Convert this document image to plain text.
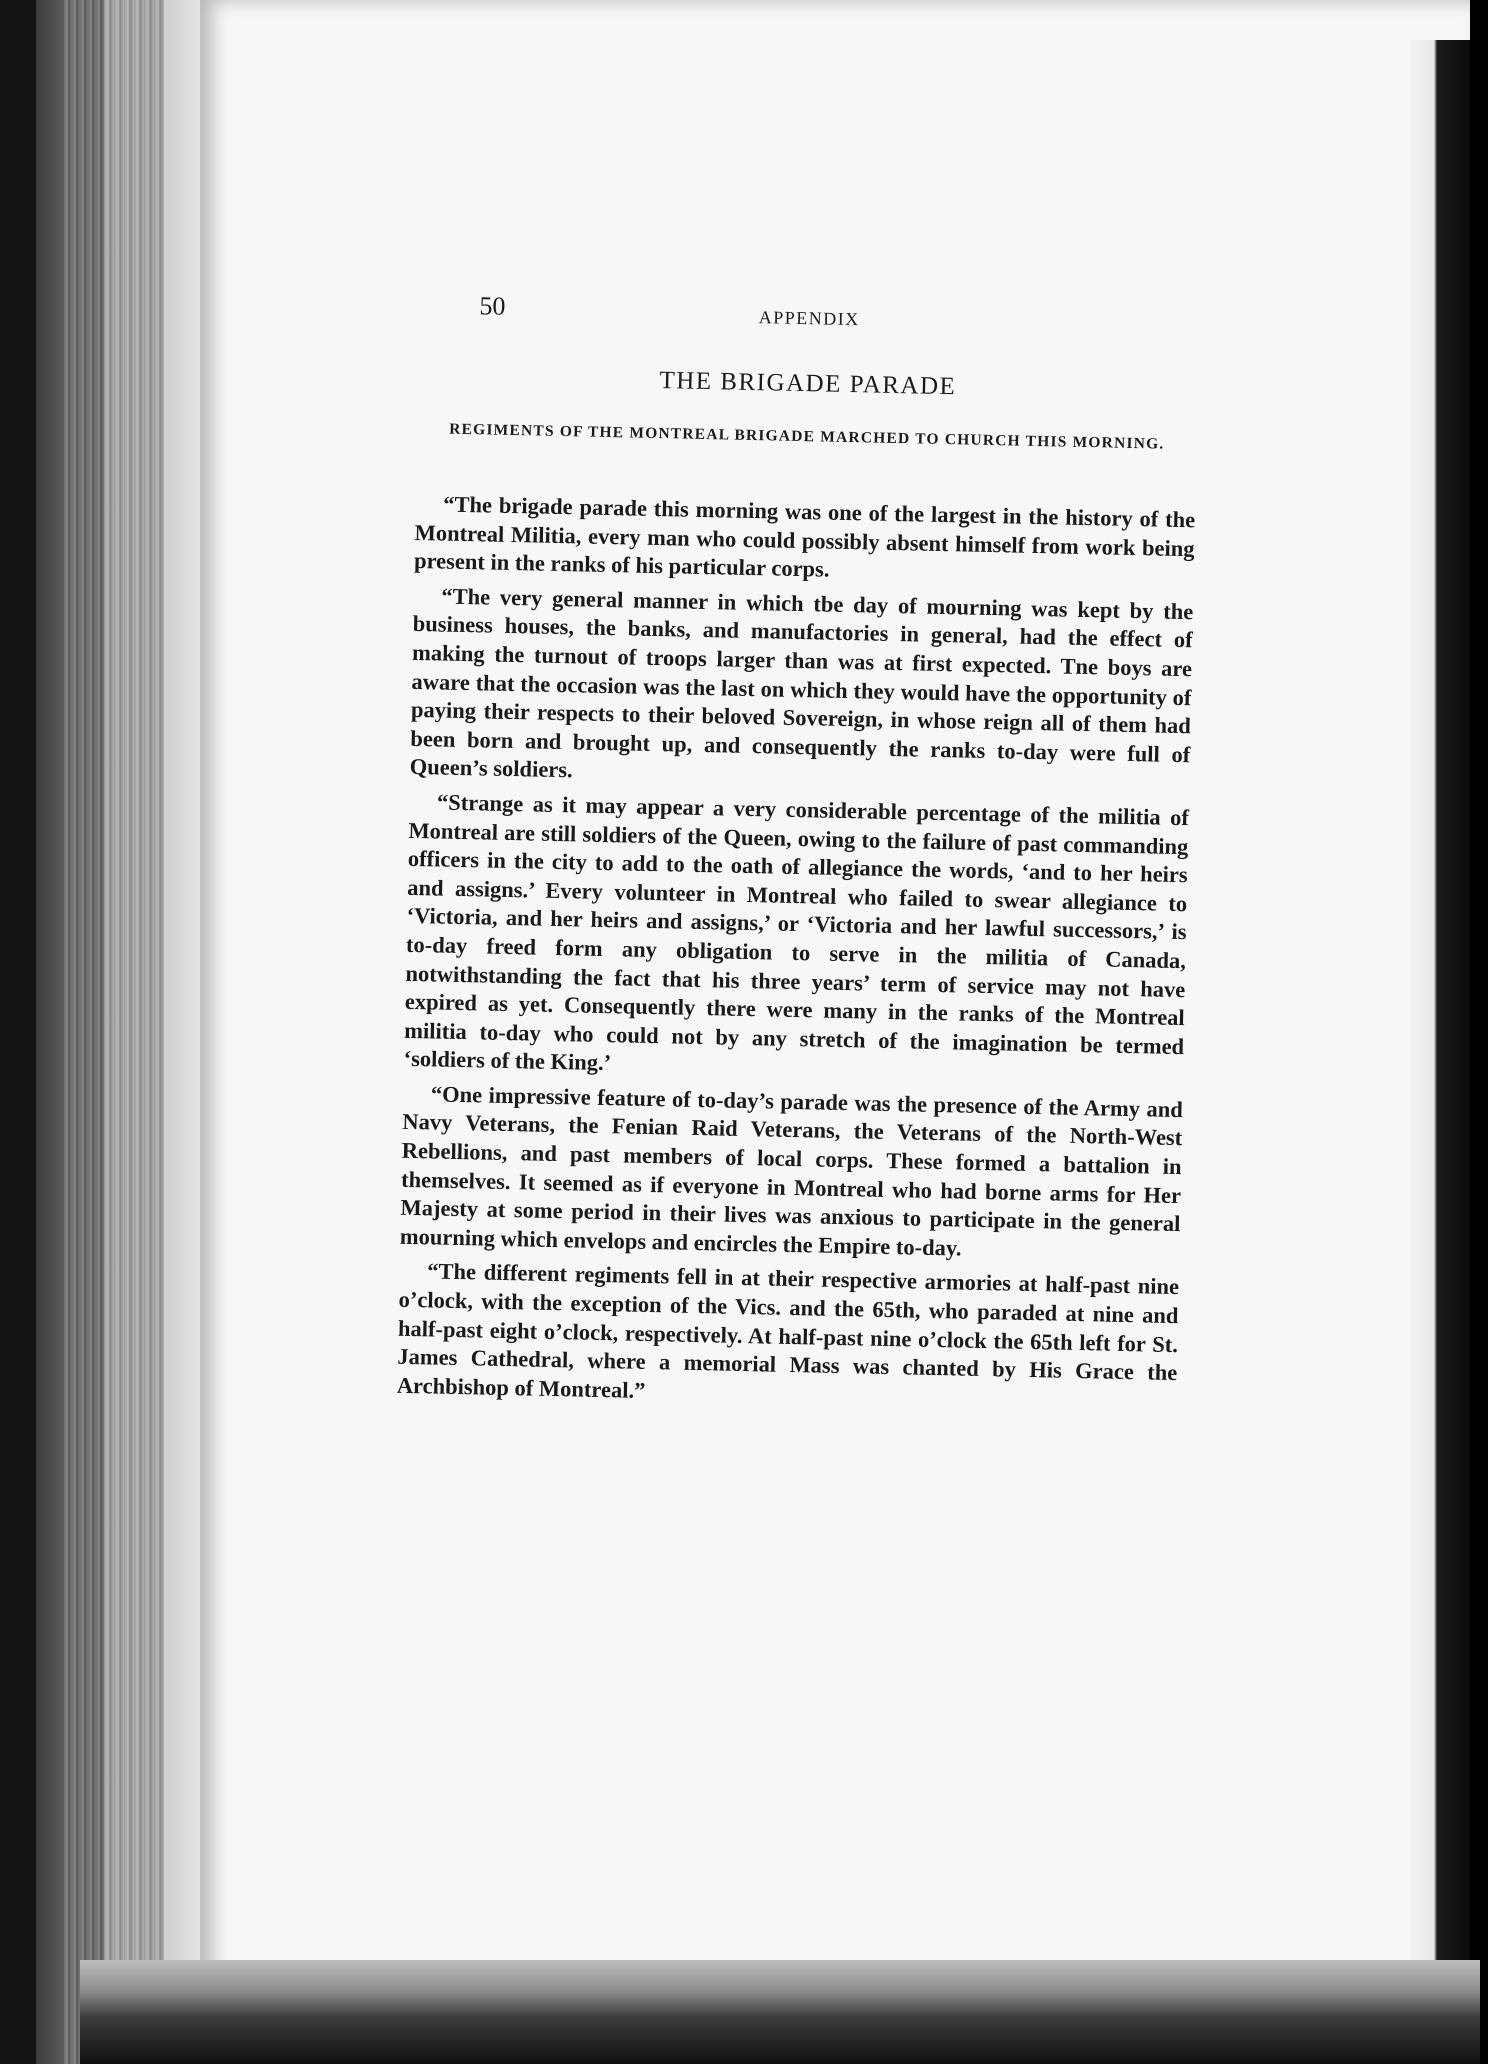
50	APPENDIX
THE BRIGADE PARADE
REGIMENTS OF THE MONTREAL BRIGADE MARCHED TO CHURCH THIS MORNING.

“The brigade parade this morning was one of the largest in the history of the Montreal Militia, every man who could possibly absent himself from work being present in the ranks of his particular corps.

“The very general manner in which tbe day of mourning was kept by the business houses, the banks, and manufactories in general, had the effect of making the turnout of troops larger than was at first expected. Tne boys are aware that the occasion was the last on which they would have the opportunity of paying their respects to their beloved Sovereign, in whose reign all of them had been born and brought up, and consequently the ranks to-day were full of Queen’s soldiers.

“Strange as it may appear a very considerable percentage of the militia of Montreal are still soldiers of the Queen, owing to the failure of past commanding officers in the city to add to the oath of allegiance the words, ‘and to her heirs and assigns.’ Every volunteer in Montreal who failed to swear allegiance to ‘Victoria, and her heirs and assigns,’ or ‘Victoria and her lawful successors,’ is to-day freed form any obligation to serve in the militia of Canada, notwithstanding the fact that his three years’ term of service may not have expired as yet. Consequently there were many in the ranks of the Montreal militia to-day who could not by any stretch of the imagination be termed ‘soldiers of the King.’

“One impressive feature of to-day’s parade was the presence of the Army and Navy Veterans, the Fenian Raid Veterans, the Veterans of the North-West Rebellions, and past members of local corps. These formed a battalion in themselves. It seemed as if everyone in Montreal who had borne arms for Her Majesty at some period in their lives was anxious to participate in the general mourning which envelops and encircles the Empire to-day.

“The different regiments fell in at their respective armories at half-past nine o’clock, with the exception of the Vics. and the 65th, who paraded at nine and half-past eight o’clock, respectively. At half-past nine o’clock the 65th left for St. James Cathedral, where a memorial Mass was chanted by His Grace the Archbishop of Montreal.”
